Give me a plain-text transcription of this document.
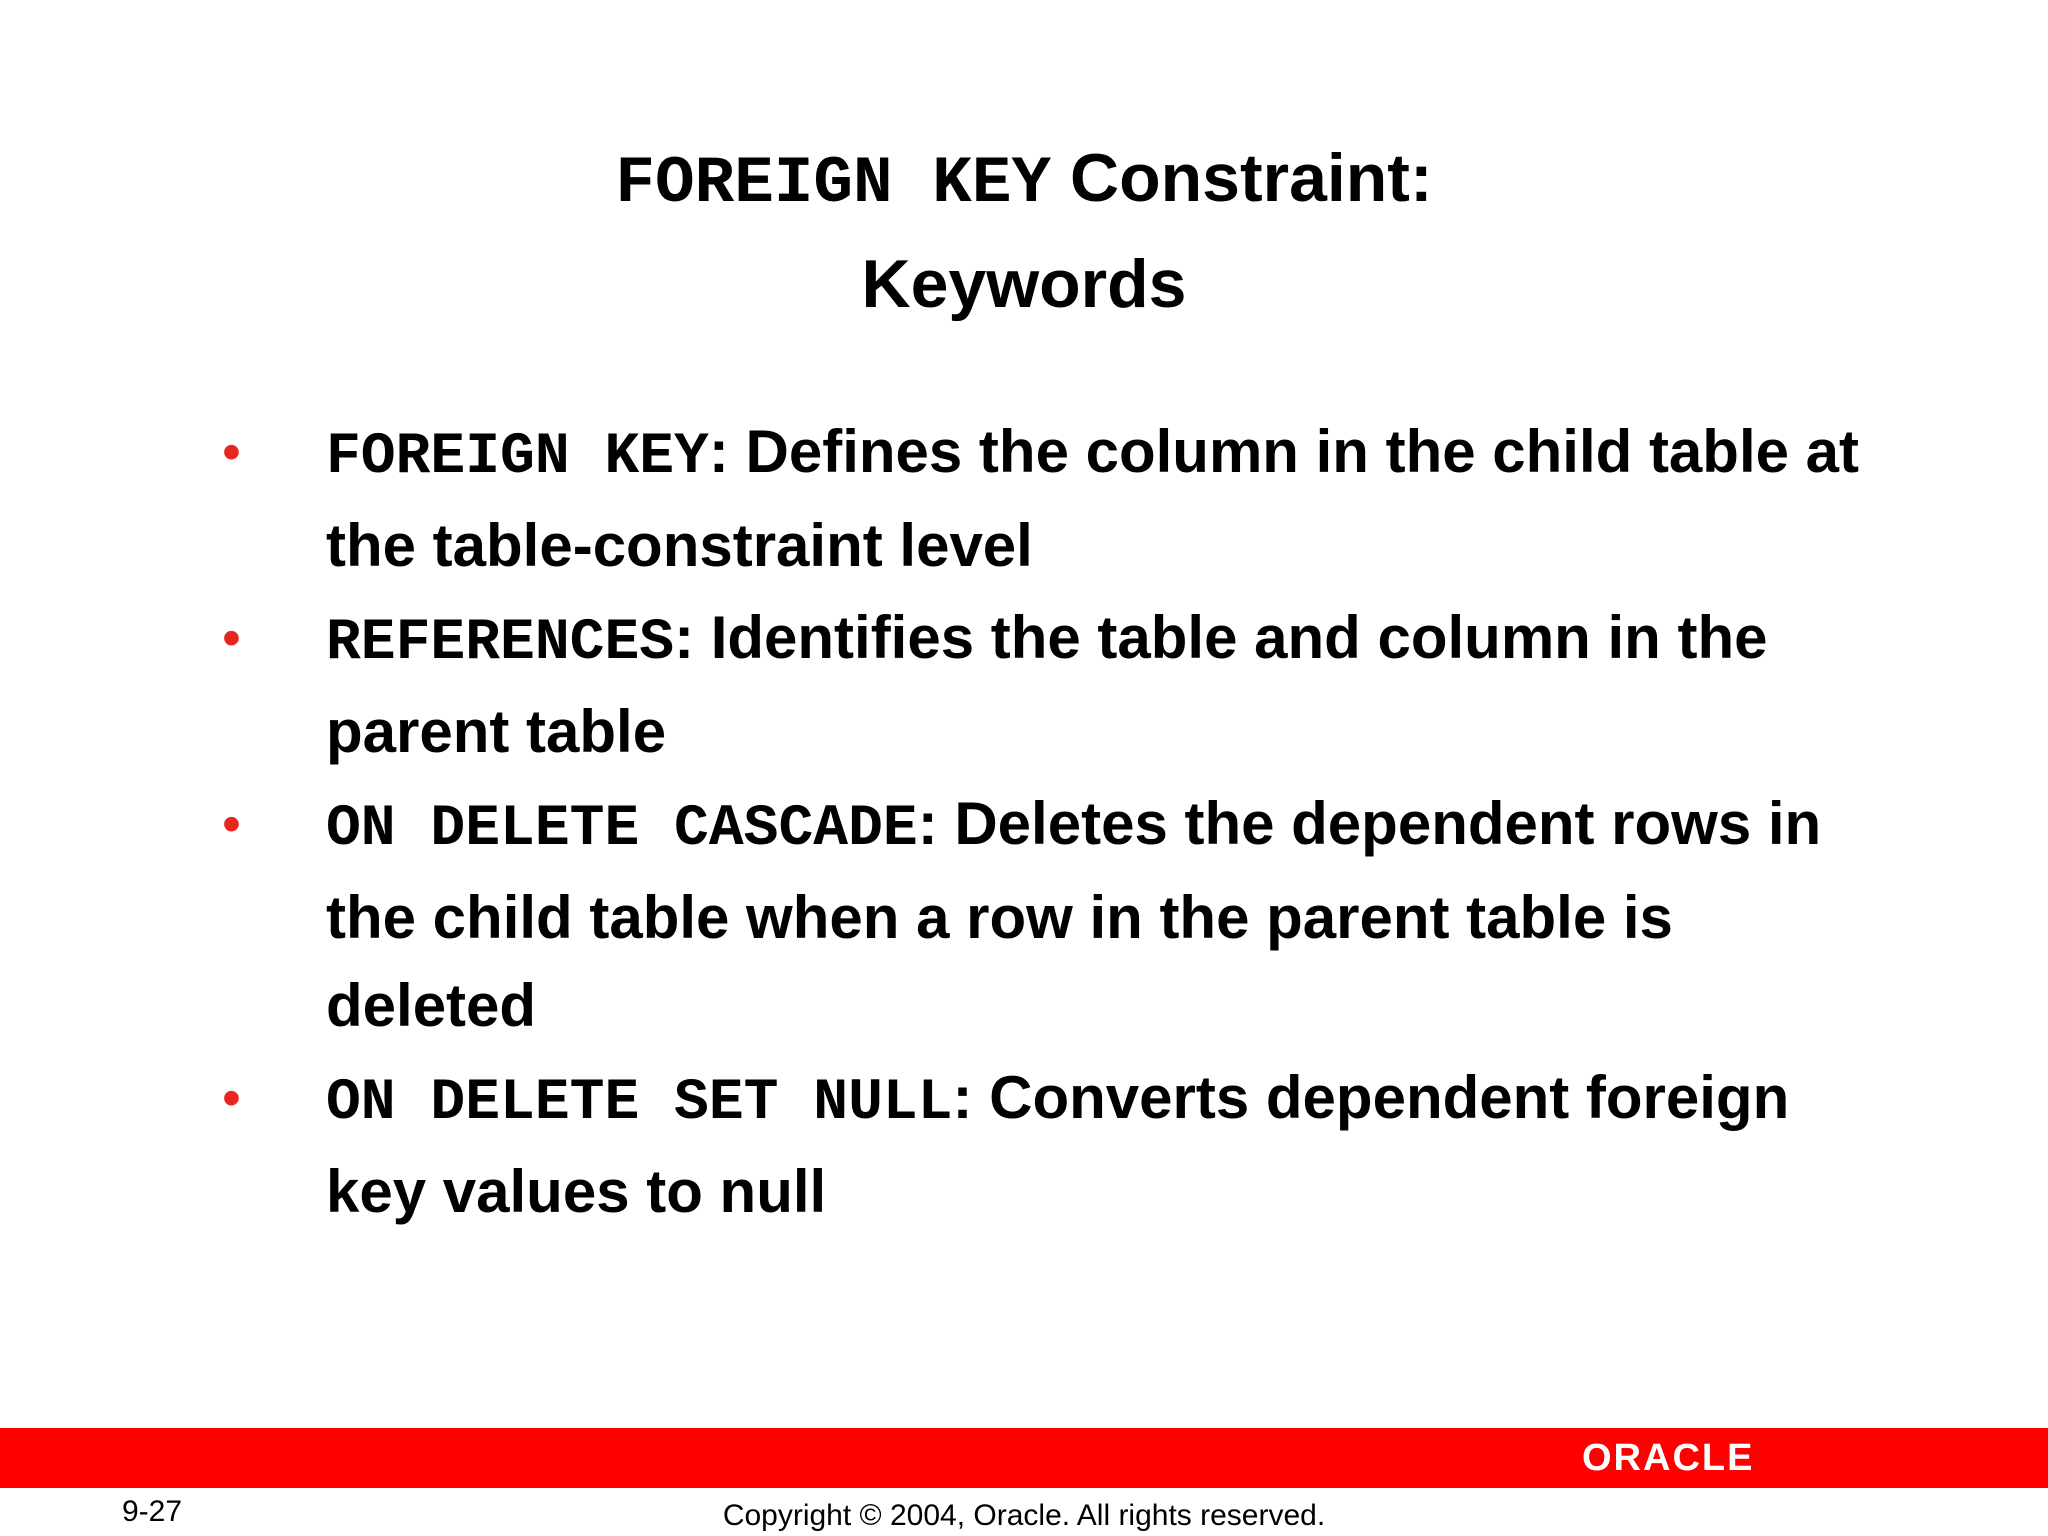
FOREIGN KEY Constraint:
Keywords
• FOREIGN KEY: Defines the column in the child table at the table-constraint level
• REFERENCES: Identifies the table and column in the parent table
• ON DELETE CASCADE: Deletes the dependent rows in the child table when a row in the parent table is deleted
• ON DELETE SET NULL: Converts dependent foreign key values to null
ORACLE
9-27	Copyright © 2004, Oracle. All rights reserved.
